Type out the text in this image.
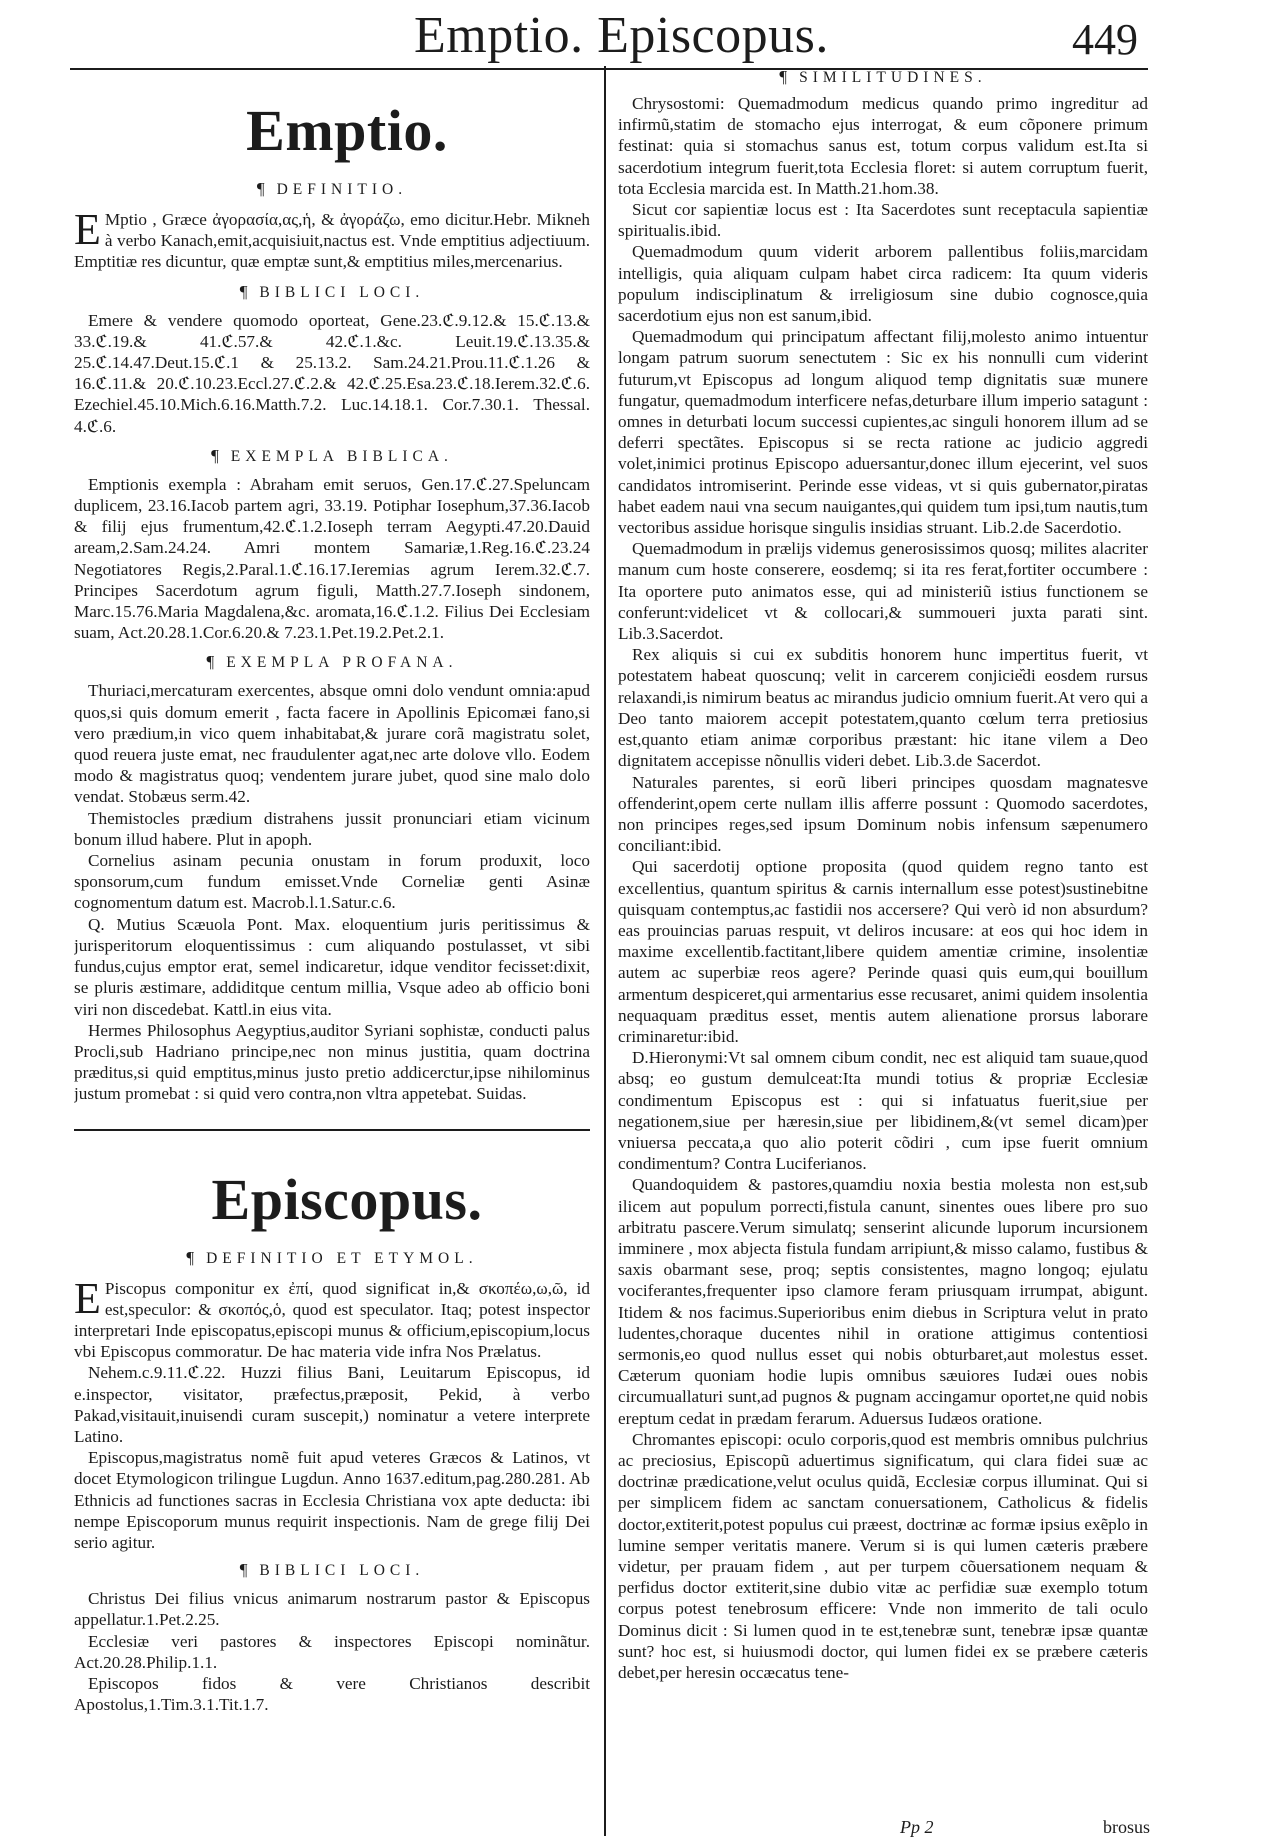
Emptio. Episcopus.	449
Emptio.

¶ DEFINITIO.

E Mptio , Græce ἀγορασία,ας,ἡ, & ἀγοράζω, emo dicitur.Hebr. Mikneh à verbo Kanach,emit,acquisiuit,nactus est. Vnde emptitius adjectiuum. Emptitiæ res dicuntur, quæ emptæ sunt,& emptitius miles,mercenarius.

¶ BIBLICI LOCI.

Emere & vendere quomodo oporteat, Gene.23.ℭ.9.12.& 15.ℭ.13.& 33.ℭ.19.& 41.ℭ.57.& 42.ℭ.1.&c. Leuit.19.ℭ.13.35.& 25.ℭ.14.47.Deut.15.ℭ.1 & 25.13.2. Sam.24.21.Prou.11.ℭ.1.26 & 16.ℭ.11.& 20.ℭ.10.23.Eccl.27.ℭ.2.& 42.ℭ.25.Esa.23.ℭ.18.Ierem.32.ℭ.6. Ezechiel.45.10.Mich.6.16.Matth.7.2. Luc.14.18.1. Cor.7.30.1. Thessal. 4.ℭ.6.

¶ EXEMPLA BIBLICA.

Emptionis exempla : Abraham emit seruos, Gen.17.ℭ.27.Speluncam duplicem, 23.16.Iacob partem agri, 33.19. Potiphar Iosephum,37.36.Iacob & filij ejus frumentum,42.ℭ.1.2.Ioseph terram Aegypti.47.20.Dauid aream,2.Sam.24.24. Amri montem Samariæ,1.Reg.16.ℭ.23.24 Negotiatores Regis,2.Paral.1.ℭ.16.17.Ieremias agrum Ierem.32.ℭ.7. Principes Sacerdotum agrum figuli, Matth.27.7.Ioseph sindonem, Marc.15.76.Maria Magdalena,&c. aromata,16.ℭ.1.2. Filius Dei Ecclesiam suam, Act.20.28.1.Cor.6.20.& 7.23.1.Pet.19.2.Pet.2.1.

¶ EXEMPLA PROFANA.

Thuriaci,mercaturam exercentes, absque omni dolo vendunt omnia:apud quos,si quis domum emerit , facta facere in Apollinis Epicomæi fano,si vero prædium,in vico quem inhabitabat,& jurare corã magistratu solet, quod reuera juste emat, nec fraudulenter agat,nec arte dolove vllo. Eodem modo & magistratus quoq; vendentem jurare jubet, quod sine malo dolo vendat. Stobæus serm.42.

Themistocles prædium distrahens jussit pronunciari etiam vicinum bonum illud habere. Plut in apoph.

Cornelius asinam pecunia onustam in forum produxit, loco sponsorum,cum fundum emisset.Vnde Corneliæ genti Asinæ cognomentum datum est. Macrob.l.1.Satur.c.6.

Q. Mutius Scæuola Pont. Max. eloquentium juris peritissimus & jurisperitorum eloquentissimus : cum aliquando postulasset, vt sibi fundus,cujus emptor erat, semel indicaretur, idque venditor fecisset:dixit, se pluris æstimare, addiditque centum millia, Vsque adeo ab officio boni viri non discedebat. Kattl.in eius vita.

Hermes Philosophus Aegyptius,auditor Syriani sophistæ, conducti palus Procli,sub Hadriano principe,nec non minus justitia, quam doctrina præditus,si quid emptitus,minus justo pretio addicerctur,ipse nihilominus justum promebat : si quid vero contra,non vltra appetebat. Suidas.

Episcopus.

¶ DEFINITIO ET ETYMOL.

E Piscopus componitur ex ἐπί, quod significat in,& σκοπέω,ω,ῶ, id est,speculor: & σκοπός,ὁ, quod est speculator. Itaq; potest inspector interpretari Inde episcopatus,episcopi munus & officium,episcopium,locus vbi Episcopus commoratur. De hac materia vide infra Nos Prælatus.

Nehem.c.9.11.ℭ.22. Huzzi filius Bani, Leuitarum Episcopus, id e.inspector, visitator, præfectus,præposit, Pekid, à verbo Pakad,visitauit,inuisendi curam suscepit,) nominatur a vetere interprete Latino.

Episcopus,magistratus nomẽ fuit apud veteres Græcos & Latinos, vt docet Etymologicon trilingue Lugdun. Anno 1637.editum,pag.280.281. Ab Ethnicis ad functiones sacras in Ecclesia Christiana vox apte deducta: ibi nempe Episcoporum munus requirit inspectionis. Nam de grege filij Dei serio agitur.

¶ BIBLICI LOCI.

Christus Dei filius vnicus animarum nostrarum pastor & Episcopus appellatur.1.Pet.2.25.

Ecclesiæ veri pastores & inspectores Episcopi nominãtur. Act.20.28.Philip.1.1.

Episcopos fidos & vere Christianos describit Apostolus,1.Tim.3.1.Tit.1.7.

¶ SIMILITUDINES.

Chrysostomi: Quemadmodum medicus quando primo ingreditur ad infirmũ,statim de stomacho ejus interrogat, & eum cõponere primum festinat: quia si stomachus sanus est, totum corpus validum est.Ita si sacerdotium integrum fuerit,tota Ecclesia floret: si autem corruptum fuerit, tota Ecclesia marcida est. In Matth.21.hom.38.

Sicut cor sapientiæ locus est : Ita Sacerdotes sunt receptacula sapientiæ spiritualis.ibid.

Quemadmodum quum viderit arborem pallentibus foliis,marcidam intelligis, quia aliquam culpam habet circa radicem: Ita quum videris populum indisciplinatum & irreligiosum sine dubio cognosce,quia sacerdotium ejus non est sanum,ibid.

Quemadmodum qui principatum affectant filij,molesto animo intuentur longam patrum suorum senectutem : Sic ex his nonnulli cum viderint futurum,vt Episcopus ad longum aliquod temp dignitatis suæ munere fungatur, quemadmodum interficere nefas,deturbare illum imperio satagunt : omnes in deturbati locum successi cupientes,ac singuli honorem illum ad se deferri spectãtes. Episcopus si se recta ratione ac judicio aggredi volet,inimici protinus Episcopo aduersantur,donec illum ejecerint, vel suos candidatos intromiserint. Perinde esse videas, vt si quis gubernator,piratas habet eadem naui vna secum nauigantes,qui quidem tum ipsi,tum nautis,tum vectoribus assidue horisque singulis insidias struant. Lib.2.de Sacerdotio.

Quemadmodum in prælijs videmus generosissimos quosq; milites alacriter manum cum hoste conserere, eosdemq; si ita res ferat,fortiter occumbere : Ita oportere puto animatos esse, qui ad ministeriũ istius functionem se conferunt:videlicet vt & collocari,& summoueri juxta parati sint. Lib.3.Sacerdot.

Rex aliquis si cui ex subditis honorem hunc impertitus fuerit, vt potestatem habeat quoscunq; velit in carcerem conjicie᷈di eosdem rursus relaxandi,is nimirum beatus ac mirandus judicio omnium fuerit.At vero qui a Deo tanto maiorem accepit potestatem,quanto cœlum terra pretiosius est,quanto etiam animæ corporibus præstant: hic itane vilem a Deo dignitatem accepisse nõnullis videri debet. Lib.3.de Sacerdot.

Naturales parentes, si eorũ liberi principes quosdam magnatesve offenderint,opem certe nullam illis afferre possunt : Quomodo sacerdotes, non principes reges,sed ipsum Dominum nobis infensum sæpenumero conciliant:ibid.

Qui sacerdotij optione proposita (quod quidem regno tanto est excellentius, quantum spiritus & carnis internallum esse potest)sustinebitne quisquam contemptus,ac fastidii nos accersere? Qui verò id non absurdum? eas prouincias paruas respuit, vt deliros incusare: at eos qui hoc idem in maxime excellentib.factitant,libere quidem amentiæ crimine, insolentiæ autem ac superbiæ reos agere? Perinde quasi quis eum,qui bouillum armentum despiceret,qui armentarius esse recusaret, animi quidem insolentia nequaquam præditus esset, mentis autem alienatione prorsus laborare criminaretur:ibid.

D.Hieronymi:Vt sal omnem cibum condit, nec est aliquid tam suaue,quod absq; eo gustum demulceat:Ita mundi totius & propriæ Ecclesiæ condimentum Episcopus est : qui si infatuatus fuerit,siue per negationem,siue per hæresin,siue per libidinem,&(vt semel dicam)per vniuersa peccata,a quo alio poterit cõdiri , cum ipse fuerit omnium condimentum? Contra Luciferianos.

Quandoquidem & pastores,quamdiu noxia bestia molesta non est,sub ilicem aut populum porrecti,fistula canunt, sinentes oues libere pro suo arbitratu pascere.Verum simulatq; senserint alicunde luporum incursionem imminere , mox abjecta fistula fundam arripiunt,& misso calamo, fustibus & saxis obarmant sese, proq; septis consistentes, magno longoq; ejulatu vociferantes,frequenter ipso clamore feram priusquam irrumpat, abigunt. Itidem & nos facimus.Superioribus enim diebus in Scriptura velut in prato ludentes,choraque ducentes nihil in oratione attigimus contentiosi sermonis,eo quod nullus esset qui nobis obturbaret,aut molestus esset. Cæterum quoniam hodie lupis omnibus sæuiores Iudæi oues nobis circumuallaturi sunt,ad pugnos & pugnam accingamur oportet,ne quid nobis ereptum cedat in prædam ferarum. Aduersus Iudæos oratione.

Chromantes episcopi: oculo corporis,quod est membris omnibus pulchrius ac preciosius, Episcopũ aduertimus significatum, qui clara fidei suæ ac doctrinæ prædicatione,velut oculus quidã, Ecclesiæ corpus illuminat. Qui si per simplicem fidem ac sanctam conuersationem, Catholicus & fidelis doctor,extiterit,potest populus cui præest, doctrinæ ac formæ ipsius exẽplo in lumine semper veritatis manere. Verum si is qui lumen cæteris præbere videtur, per prauam fidem , aut per turpem cõuersationem nequam & perfidus doctor extiterit,sine dubio vitæ ac perfidiæ suæ exemplo totum corpus potest tenebrosum efficere: Vnde non immerito de tali oculo Dominus dicit : Si lumen quod in te est,tenebræ sunt, tenebræ ipsæ quantæ sunt? hoc est, si huiusmodi doctor, qui lumen fidei ex se præbere cæteris debet,per heresin occæcatus tene-

Pp 2	brosus
